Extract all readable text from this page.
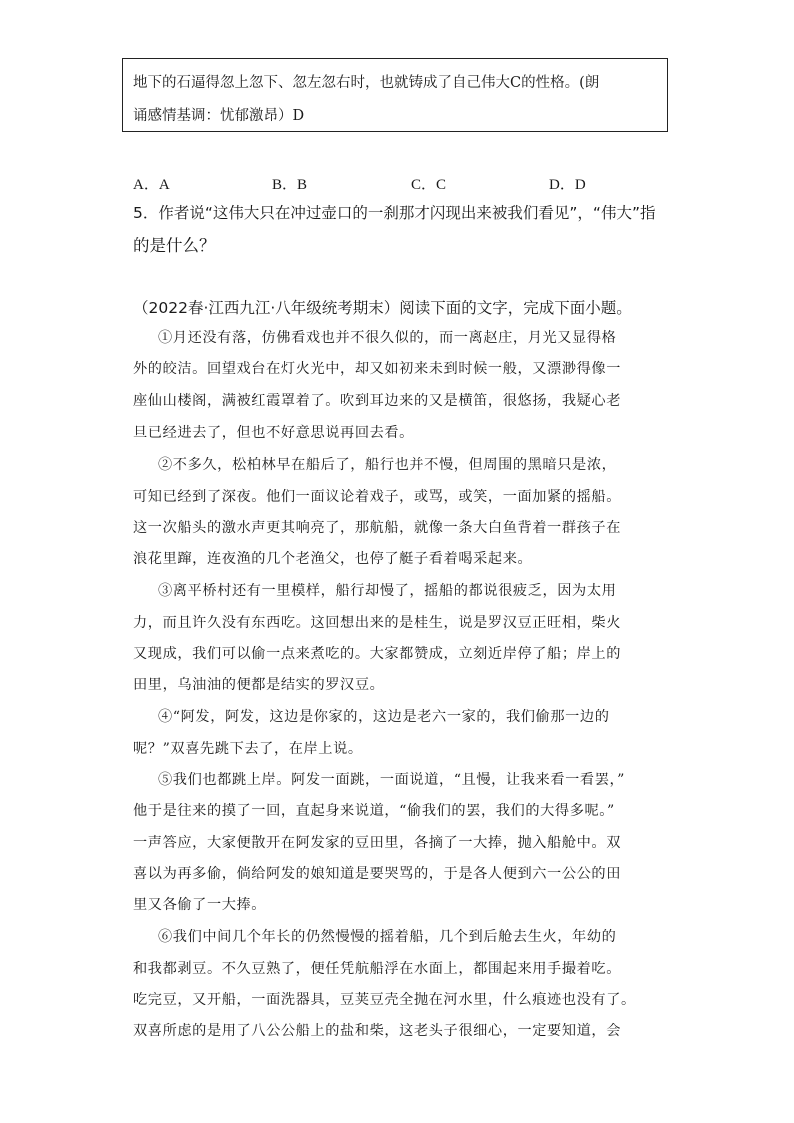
地下的石逼得忽上忽下、忽左忽右时，也就铸成了自己伟大C的性格。(朗
诵感情基调：忧郁激昂）D
A．A	B．B	C．C	D．D
5．作者说“这伟大只在冲过壶口的一刹那才闪现出来被我们看见”，“伟大”指
的是什么？
（2022春·江西九江·八年级统考期末）阅读下面的文字，完成下面小题。
①月还没有落，仿佛看戏也并不很久似的，而一离赵庄，月光又显得格
外的皎洁。回望戏台在灯火光中，却又如初来未到时候一般，又漂渺得像一
座仙山楼阁，满被红霞罩着了。吹到耳边来的又是横笛，很悠扬，我疑心老
旦已经进去了，但也不好意思说再回去看。
②不多久，松柏林早在船后了，船行也并不慢，但周围的黑暗只是浓，
可知已经到了深夜。他们一面议论着戏子，或骂，或笑，一面加紧的摇船。
这一次船头的激水声更其响亮了，那航船，就像一条大白鱼背着一群孩子在
浪花里蹿，连夜渔的几个老渔父，也停了艇子看着喝采起来。
③离平桥村还有一里模样，船行却慢了，摇船的都说很疲乏，因为太用
力，而且许久没有东西吃。这回想出来的是桂生，说是罗汉豆正旺相，柴火
又现成，我们可以偷一点来煮吃的。大家都赞成，立刻近岸停了船；岸上的
田里，乌油油的便都是结实的罗汉豆。
④“阿发，阿发，这边是你家的，这边是老六一家的，我们偷那一边的
呢？”双喜先跳下去了，在岸上说。
⑤我们也都跳上岸。阿发一面跳，一面说道，“且慢，让我来看一看罢，”
他于是往来的摸了一回，直起身来说道，“偷我们的罢，我们的大得多呢。”
一声答应，大家便散开在阿发家的豆田里，各摘了一大捧，抛入船舱中。双
喜以为再多偷，倘给阿发的娘知道是要哭骂的，于是各人便到六一公公的田
里又各偷了一大捧。
⑥我们中间几个年长的仍然慢慢的摇着船，几个到后舱去生火，年幼的
和我都剥豆。不久豆熟了，便任凭航船浮在水面上，都围起来用手撮着吃。
吃完豆，又开船，一面洗器具，豆荚豆壳全抛在河水里，什么痕迹也没有了。
双喜所虑的是用了八公公船上的盐和柴，这老头子很细心，一定要知道，会
